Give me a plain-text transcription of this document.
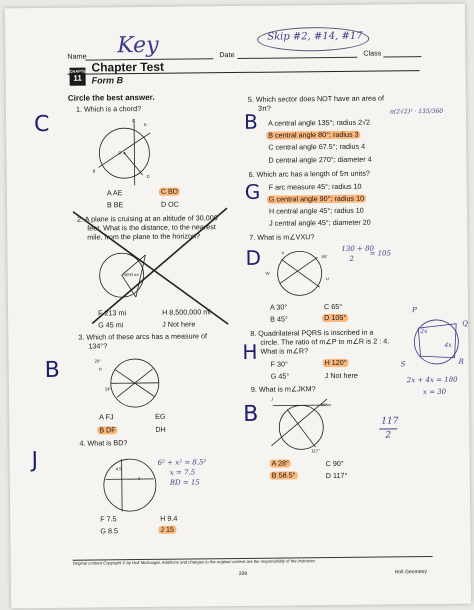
Name Key	Date
Skip #2, #14, #17
Class
CHAPTER
11
Chapter Test
Form B
Circle the best answer.
1. Which is a chord?
C	C
E
O
D
B
A AE	C BD
B BE	D OC
2. A plane is cruising at an altitude of 30,000
feet. What is the distance, to the nearest
mile, from the plane to the horizon?
4000 mi
F 213 mi	H 8,500,000 mi
G 45 mi	J Not here
3. Which of these arcs has a measure of
134°?
B	20°
H
24°
A FJ	EG
B DF	DH
4. What is BD?
J	4.5
3
6² + x² = 8.5²
x = 7.5
BD = 15
F 7.5	H 9.4
G 8.5	J 15
5. Which sector does NOT have an area of
3π?
B	π(2√2)² · 135/360
A central angle 135°; radius 2√2
B central angle 80°; radius 3
C central angle 67.5°; radius 4
D central angle 270°; diameter 4
6. Which arc has a length of 5π units?
G F arc measure 45°; radius 10
G central angle 90°; radius 10
H central angle 45°; radius 10
J central angle 45°; diameter 20
7. What is m∠VXU?
D	130 + 80
2
= 105
V
80°
W
U
A 30°	C 65°
B 45°	D 105°
8. Quadrilateral PQRS is inscribed in a
circle. The ratio of m∠P to m∠R is 2 : 4.
What is m∠R?
H
F 30°	H 120°
G 45°	J Not here
P
Q
R
S
2x
4x
2x + 4x = 180
x = 30
9. What is m∠JKM?
B
J
56°
117°
117
2
A 28°	C 90°
B 58.5°	D 117°
Original content Copyright © by Holt McDougal. Additions and changes to the original content are the responsibility of the instructor.
209	Holt Geometry
